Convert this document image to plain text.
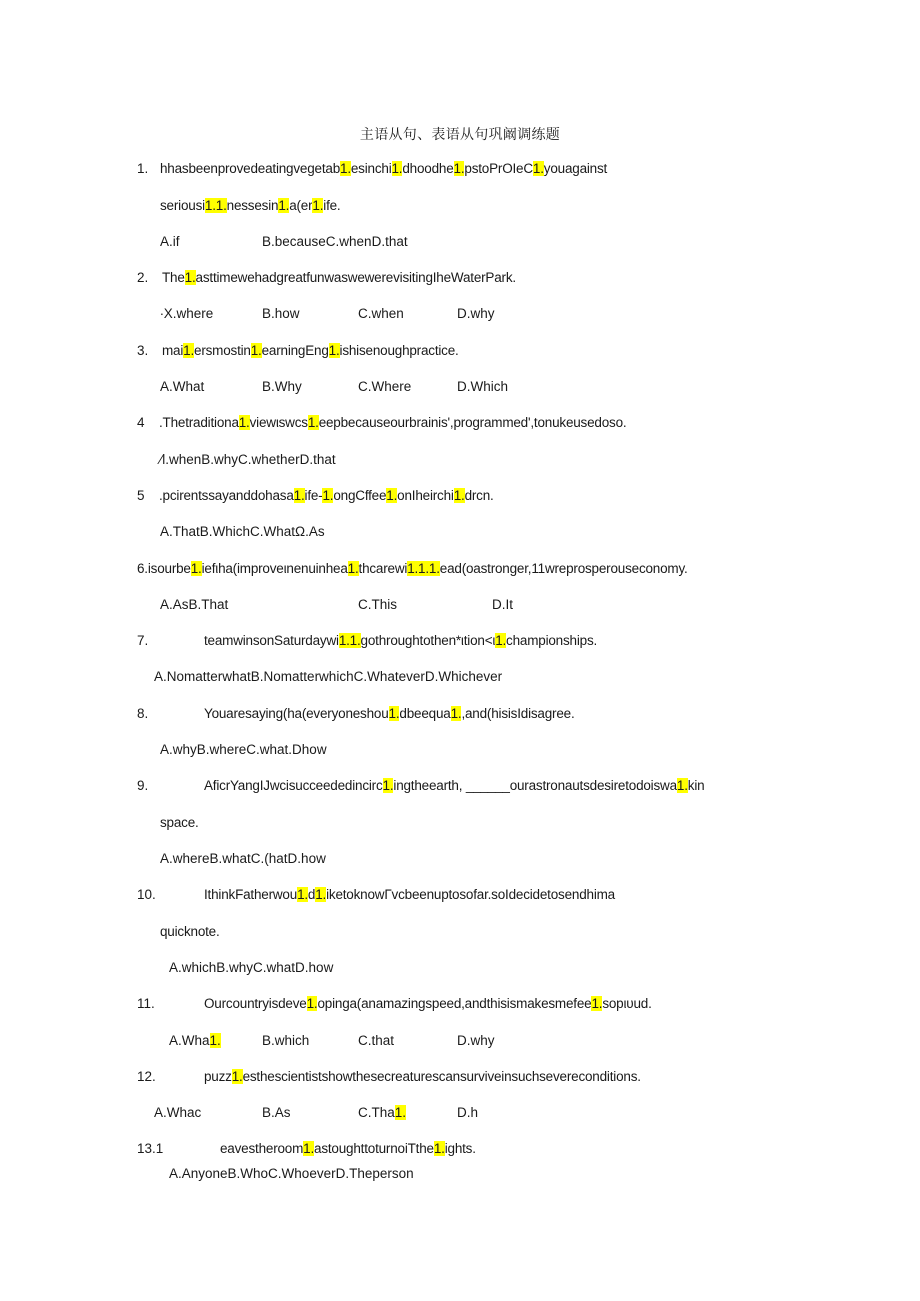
主语从句、表语从句巩阚调练题
1. hhasbeenprovedeatingvegetab1.esinchi1.dhoodhe1.pstoPrOIeC1.youagainst
seriousi1.1.nessesin1.a(er1.ife.
A.if	B.becauseC.whenD.that
2. The1.asttimewehadgreatfunwaswewerevisitingIheWaterPark.
∙X.where	B.how	C.when	D.why
3. mai1.ersmostin1.earningEng1.ishisenoughpractice.
A.What	B.Why	C.Where	D.Which
4 .Thetraditiona1.viewιswcs1.eepbecauseourbrainis',programmed',tonukeusedoso.
⁄l.whenB.whyC.whetherD.that
5 .pcirentssayanddohasa1.ife-1.ongCffee1.onIheirchi1.drcn.
A.ThatB.WhichC.WhatΩ.As
6.isourbe1.iefιha(improveιnenuinhea1.thcarewi1.1.1.ead(oastronger,11wreprosperouseconomy.
A.AsB.That	C.This	D.It
7.	teamwinsonSaturdaywi1.1.gothroughtothen*ιtion<ι1.championships.
A.NomatterwhatB.NomatterwhichC.WhateverD.Whichever
8.	Youaresaying(ha(everyoneshou1.dbeequa1.,and(hisisIdisagree.
A.whyB.whereC.what.Dhow
9.	AficrYangIJwcisucceededincirc1.ingtheearth, ______ourastronautsdesiretodoiswa1.kin
space.
A.whereB.whatC.(hatD.how
10.	IthinkFatherwou1.d1.iketoknowΓvcbeenuptosofar.soIdecidetosendhima
quicknote.
A.whichB.whyC.whatD.how
11.	Ourcountryisdeve1.opinga(anamazingspeed,andthisismakesmefee1.sopιυud.
A.Wha1.	B.which	C.that	D.why
12.	puzz1.esthescientistshowthesecreaturescansurviveinsuchsevereconditions.
A.Whac	B.As	C.Tha1.	D.h
13.1	eavestheroom1.astoughttoturnoiTthe1.ights.
A.AnyoneB.WhoC.WhoeverD.Theperson
